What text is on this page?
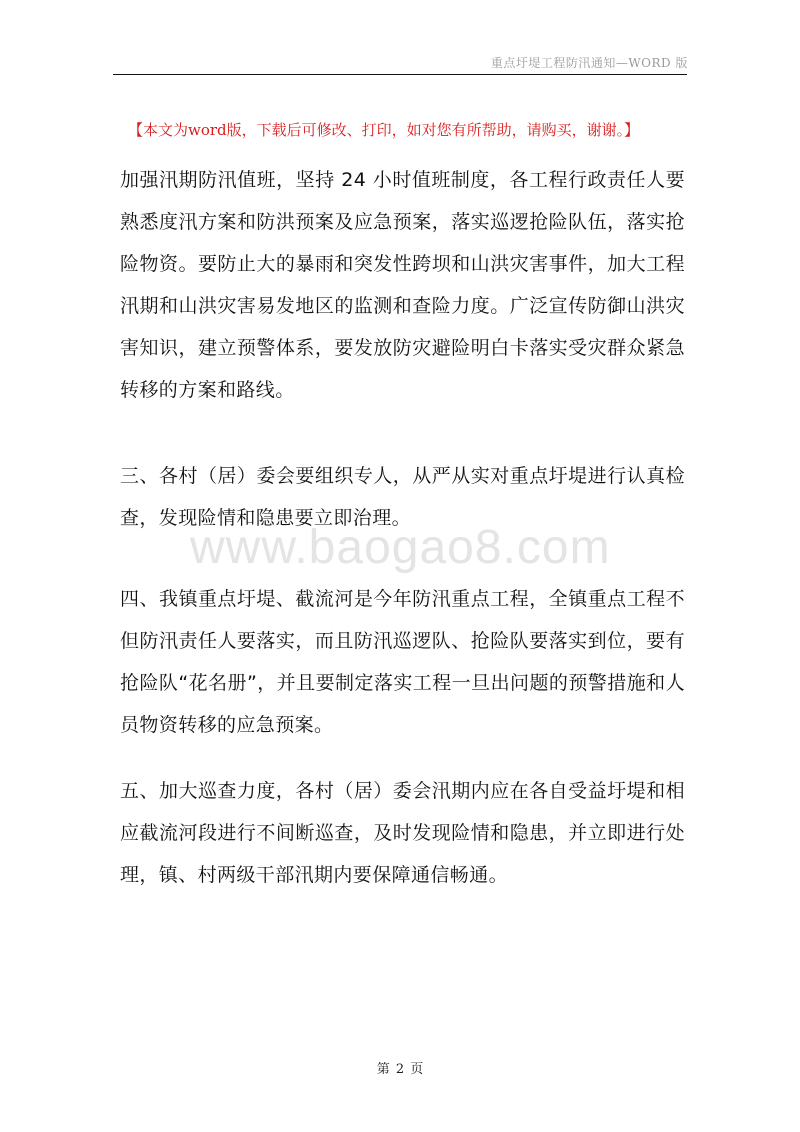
重点圩堤工程防汛通知—WORD 版
【本文为word版，下载后可修改、打印，如对您有所帮助，请购买，谢谢。】
www.baogao8.com

加强汛期防汛值班，坚持 24 小时值班制度，各工程行政责任人要熟悉度汛方案和防洪预案及应急预案，落实巡逻抢险队伍，落实抢险物资。要防止大的暴雨和突发性跨坝和山洪灾害事件，加大工程汛期和山洪灾害易发地区的监测和查险力度。广泛宣传防御山洪灾害知识，建立预警体系，要发放防灾避险明白卡落实受灾群众紧急转移的方案和路线。

三、各村（居）委会要组织专人，从严从实对重点圩堤进行认真检查，发现险情和隐患要立即治理。

四、我镇重点圩堤、截流河是今年防汛重点工程，全镇重点工程不但防汛责任人要落实，而且防汛巡逻队、抢险队要落实到位，要有抢险队“花名册”，并且要制定落实工程一旦出问题的预警措施和人员物资转移的应急预案。

五、加大巡查力度，各村（居）委会汛期内应在各自受益圩堤和相应截流河段进行不间断巡查，及时发现险情和隐患，并立即进行处理，镇、村两级干部汛期内要保障通信畅通。

第 2 页
